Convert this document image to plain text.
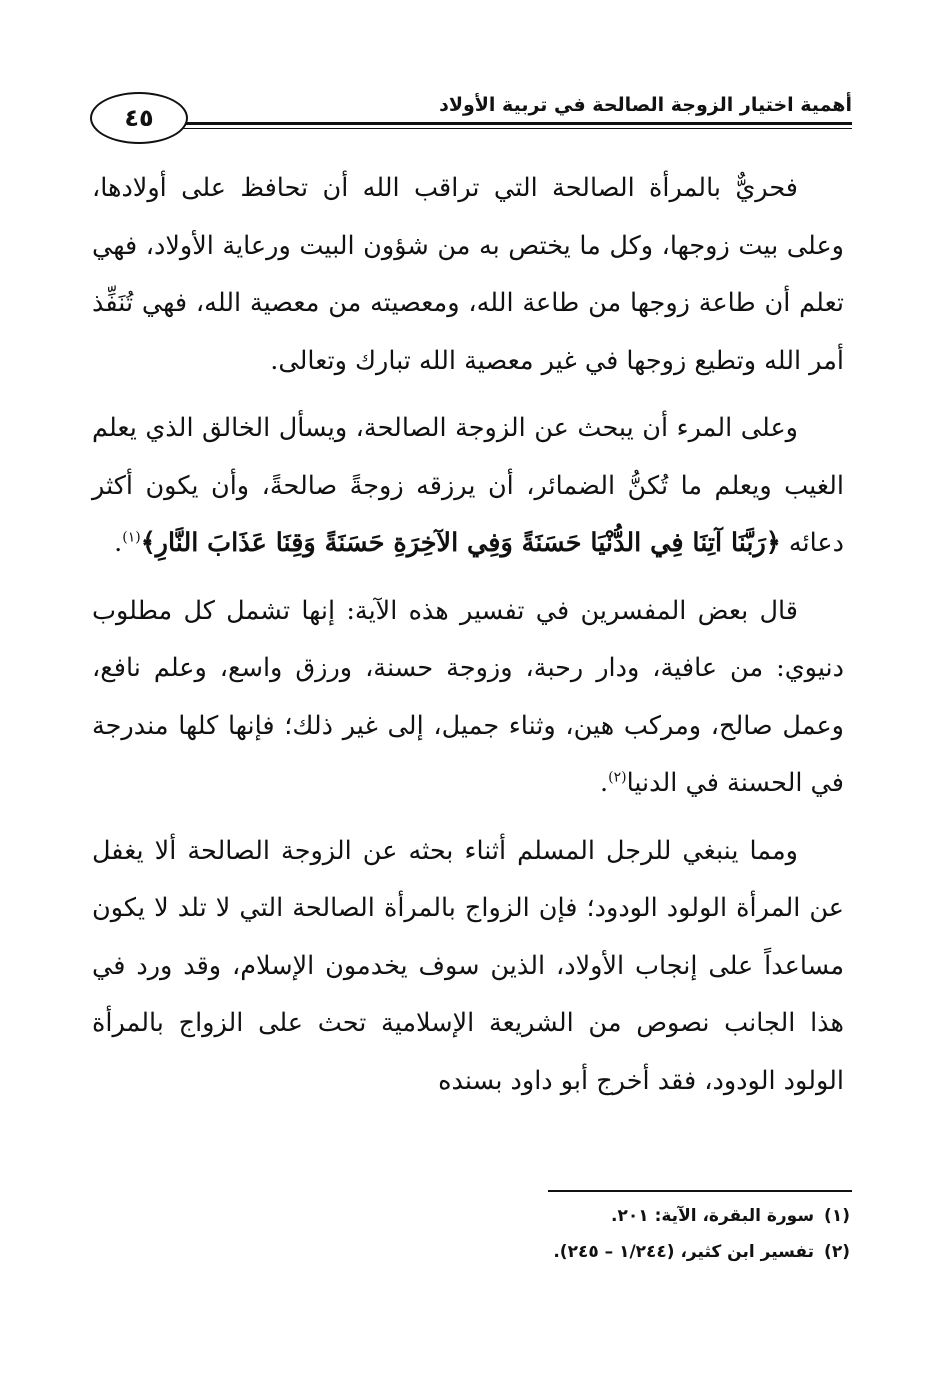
أهمية اختيار الزوجة الصالحة في تربية الأولاد
٤٥

فحريٌّ بالمرأة الصالحة التي تراقب الله أن تحافظ على أولادها، وعلى بيت زوجها، وكل ما يختص به من شؤون البيت ورعاية الأولاد، فهي تعلم أن طاعة زوجها من طاعة الله، ومعصيته من معصية الله، فهي تُنَفِّذ أمر الله وتطيع زوجها في غير معصية الله تبارك وتعالى.

وعلى المرء أن يبحث عن الزوجة الصالحة، ويسأل الخالق الذي يعلم الغيب ويعلم ما تُكنُّ الضمائر، أن يرزقه زوجةً صالحةً، وأن يكون أكثر دعائه ﴿رَبَّنَا آتِنَا فِي الدُّنْيَا حَسَنَةً وَفِي الآخِرَةِ حَسَنَةً وَقِنَا عَذَابَ النَّارِ﴾$^{(١)}$.

قال بعض المفسرين في تفسير هذه الآية: إنها تشمل كل مطلوب دنيوي: من عافية، ودار رحبة، وزوجة حسنة، ورزق واسع، وعلم نافع، وعمل صالح، ومركب هين، وثناء جميل، إلى غير ذلك؛ فإنها كلها مندرجة في الحسنة في الدنيا$^{(٢)}$.

ومما ينبغي للرجل المسلم أثناء بحثه عن الزوجة الصالحة ألا يغفل عن المرأة الولود الودود؛ فإن الزواج بالمرأة الصالحة التي لا تلد لا يكون مساعداً على إنجاب الأولاد، الذين سوف يخدمون الإسلام، وقد ورد في هذا الجانب نصوص من الشريعة الإسلامية تحث على الزواج بالمرأة الولود الودود، فقد أخرج أبو داود بسنده

(١)سورة البقرة، الآية: ٢٠١.
(٢)تفسير ابن كثير، (١/٢٤٤ – ٢٤٥).
